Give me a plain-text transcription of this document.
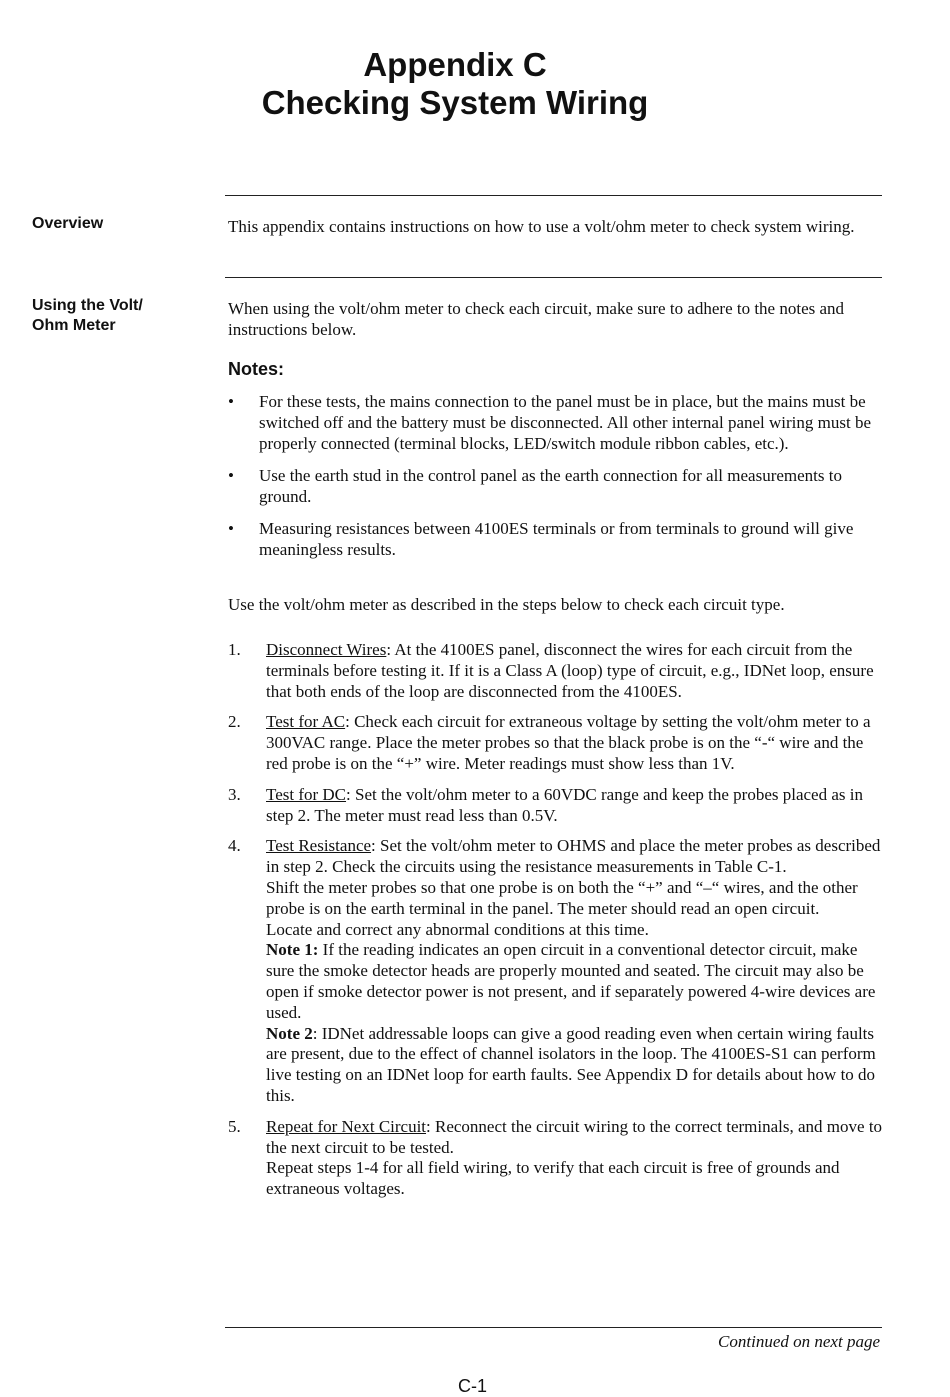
Appendix C
Checking System Wiring
Overview	This appendix contains instructions on how to use a volt/ohm meter to check system wiring.
Using the Volt/
Ohm Meter
When using the volt/ohm meter to check each circuit, make sure to adhere to the notes and instructions below.
Notes:
• For these tests, the mains connection to the panel must be in place, but the mains must be switched off and the battery must be disconnected. All other internal panel wiring must be properly connected (terminal blocks, LED/switch module ribbon cables, etc.).
• Use the earth stud in the control panel as the earth connection for all measurements to ground.
• Measuring resistances between 4100ES terminals or from terminals to ground will give meaningless results.
Use the volt/ohm meter as described in the steps below to check each circuit type.
1. Disconnect Wires: At the 4100ES panel, disconnect the wires for each circuit from the terminals before testing it. If it is a Class A (loop) type of circuit, e.g., IDNet loop, ensure that both ends of the loop are disconnected from the 4100ES.
2. Test for AC: Check each circuit for extraneous voltage by setting the volt/ohm meter to a 300VAC range. Place the meter probes so that the black probe is on the “-“ wire and the red probe is on the “+” wire. Meter readings must show less than 1V.
3. Test for DC: Set the volt/ohm meter to a 60VDC range and keep the probes placed as in step 2. The meter must read less than 0.5V.
4. Test Resistance: Set the volt/ohm meter to OHMS and place the meter probes as described in step 2. Check the circuits using the resistance measurements in Table C-1.
Shift the meter probes so that one probe is on both the “+” and “–“ wires, and the other probe is on the earth terminal in the panel. The meter should read an open circuit.
Locate and correct any abnormal conditions at this time.
Note 1: If the reading indicates an open circuit in a conventional detector circuit, make sure the smoke detector heads are properly mounted and seated. The circuit may also be open if smoke detector power is not present, and if separately powered 4-wire devices are used.
Note 2: IDNet addressable loops can give a good reading even when certain wiring faults are present, due to the effect of channel isolators in the loop. The 4100ES-S1 can perform live testing on an IDNet loop for earth faults. See Appendix D for details about how to do this.
5. Repeat for Next Circuit: Reconnect the circuit wiring to the correct terminals, and move to the next circuit to be tested.
Repeat steps 1-4 for all field wiring, to verify that each circuit is free of grounds and extraneous voltages.
Continued on next page
C-1
